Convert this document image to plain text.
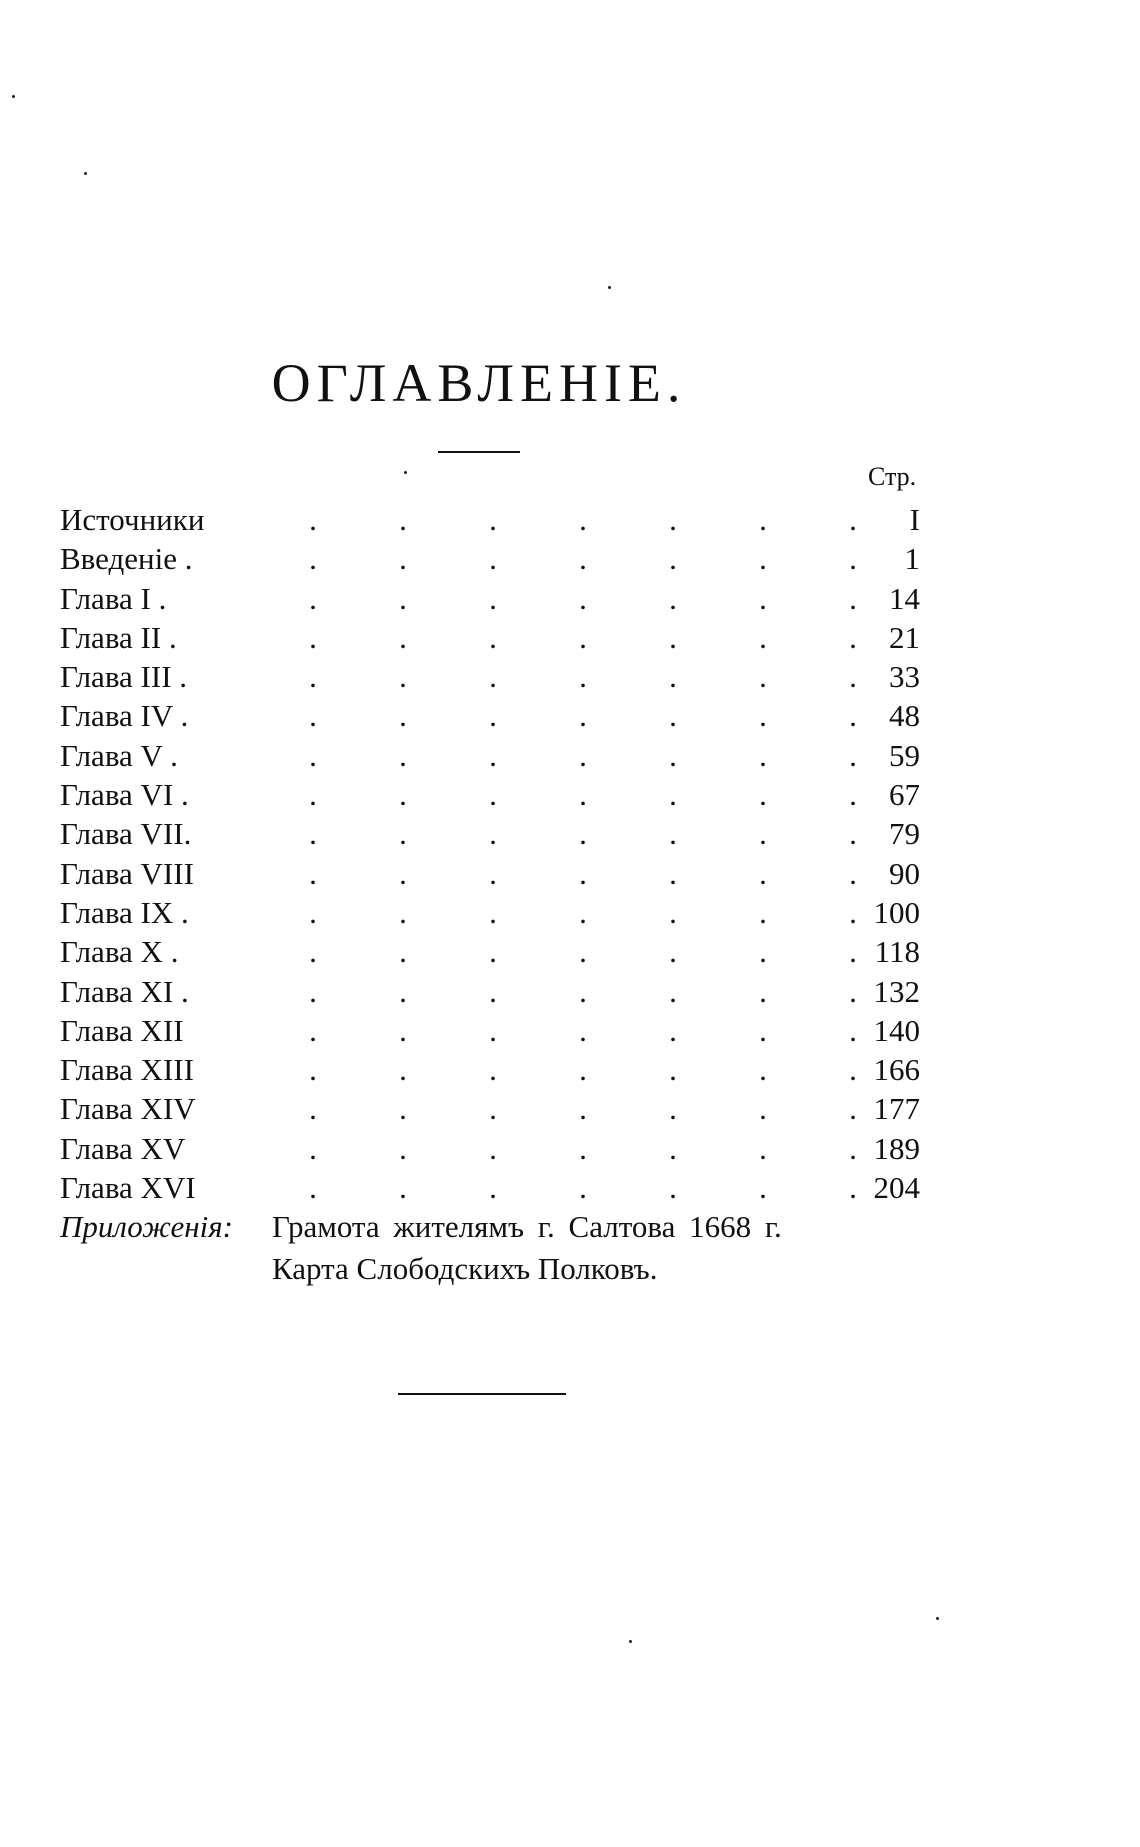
ОГЛАВЛЕНІЕ.
Стр.
Источники	.	.	.	.	.	.	.	I
Введеніе .	.	.	.	.	.	.	.	1
Глава I .	.	.	.	.	.	.	.	14
Глава II .	.	.	.	.	.	.	.	21
Глава III .	.	.	.	.	.	.	.	33
Глава IV .	.	.	.	.	.	.	.	48
Глава V .	.	.	.	.	.	.	.	59
Глава VI .	.	.	.	.	.	.	.	67
Глава VII.	.	.	.	.	.	.	.	79
Глава VIII	.	.	.	.	.	.	.	90
Глава IX .	.	.	.	.	.	.	. 100
Глава X .	.	.	.	.	.	.	. 118
Глава XI .	.	.	.	.	.	.	. 132
Глава XII	.	.	.	.	.	.	. 140
Глава XIII	.	.	.	.	.	.	. 166
Глава XIV	.	.	.	.	.	.	. 177
Глава XV	.	.	.	.	.	.	. 189
Глава XVI	.	.	.	.	.	.	. 204
Приложенія: Грамота жителямъ г. Салтова 1668 г.
Карта Слободскихъ Полковъ.
